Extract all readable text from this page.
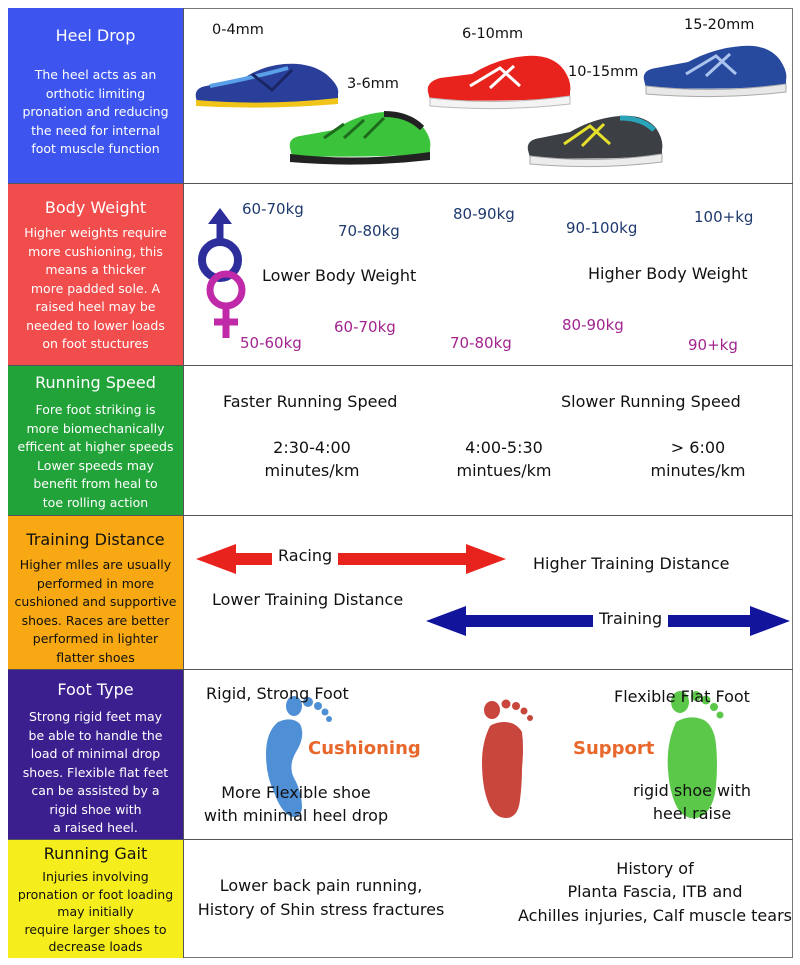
Heel Drop

The heel acts as an
orthotic limiting
pronation and reducing
the need for internal
foot muscle function

0-4mm
3-6mm
6-10mm
10-15mm
15-20mm
Body Weight

Higher weights require
more cushioning, this
means a thicker
more padded sole. A
raised heel may be
needed to lower loads
on foot stuctures

60-70kg
70-80kg
80-90kg
90-100kg
100+kg
Lower Body Weight	Higher Body Weight
50-60kg
60-70kg
70-80kg
80-90kg
90+kg
Running Speed

Fore foot striking is
more biomechanically
efficent at higher speeds
Lower speeds may
benefit from heal to
toe rolling action

Faster Running Speed	Slower Running Speed
2:30-4:00
minutes/km
4:00-5:30
mintues/km
> 6:00
minutes/km
Training Distance

Higher mlles are usually
performed in more
cushioned and supportive
shoes. Races are better
performed in lighter
flatter shoes

Racing	Higher Training Distance
Lower Training Distance
Training
Foot Type

Strong rigid feet may
be able to handle the
load of minimal drop
shoes. Flexible flat feet
can be assisted by a
rigid shoe with
a raised heel.

Rigid, Strong Foot	Flexible Flat Foot
Cushioning	Support
More Flexible shoe
with minimal heel drop
rigid shoe with
heel raise
Running Gait

Injuries involving
pronation or foot loading
may initially
require larger shoes to
decrease loads

Lower back pain running,
History of Shin stress fractures
History of
Planta Fascia, ITB and
Achilles injuries, Calf muscle tears
